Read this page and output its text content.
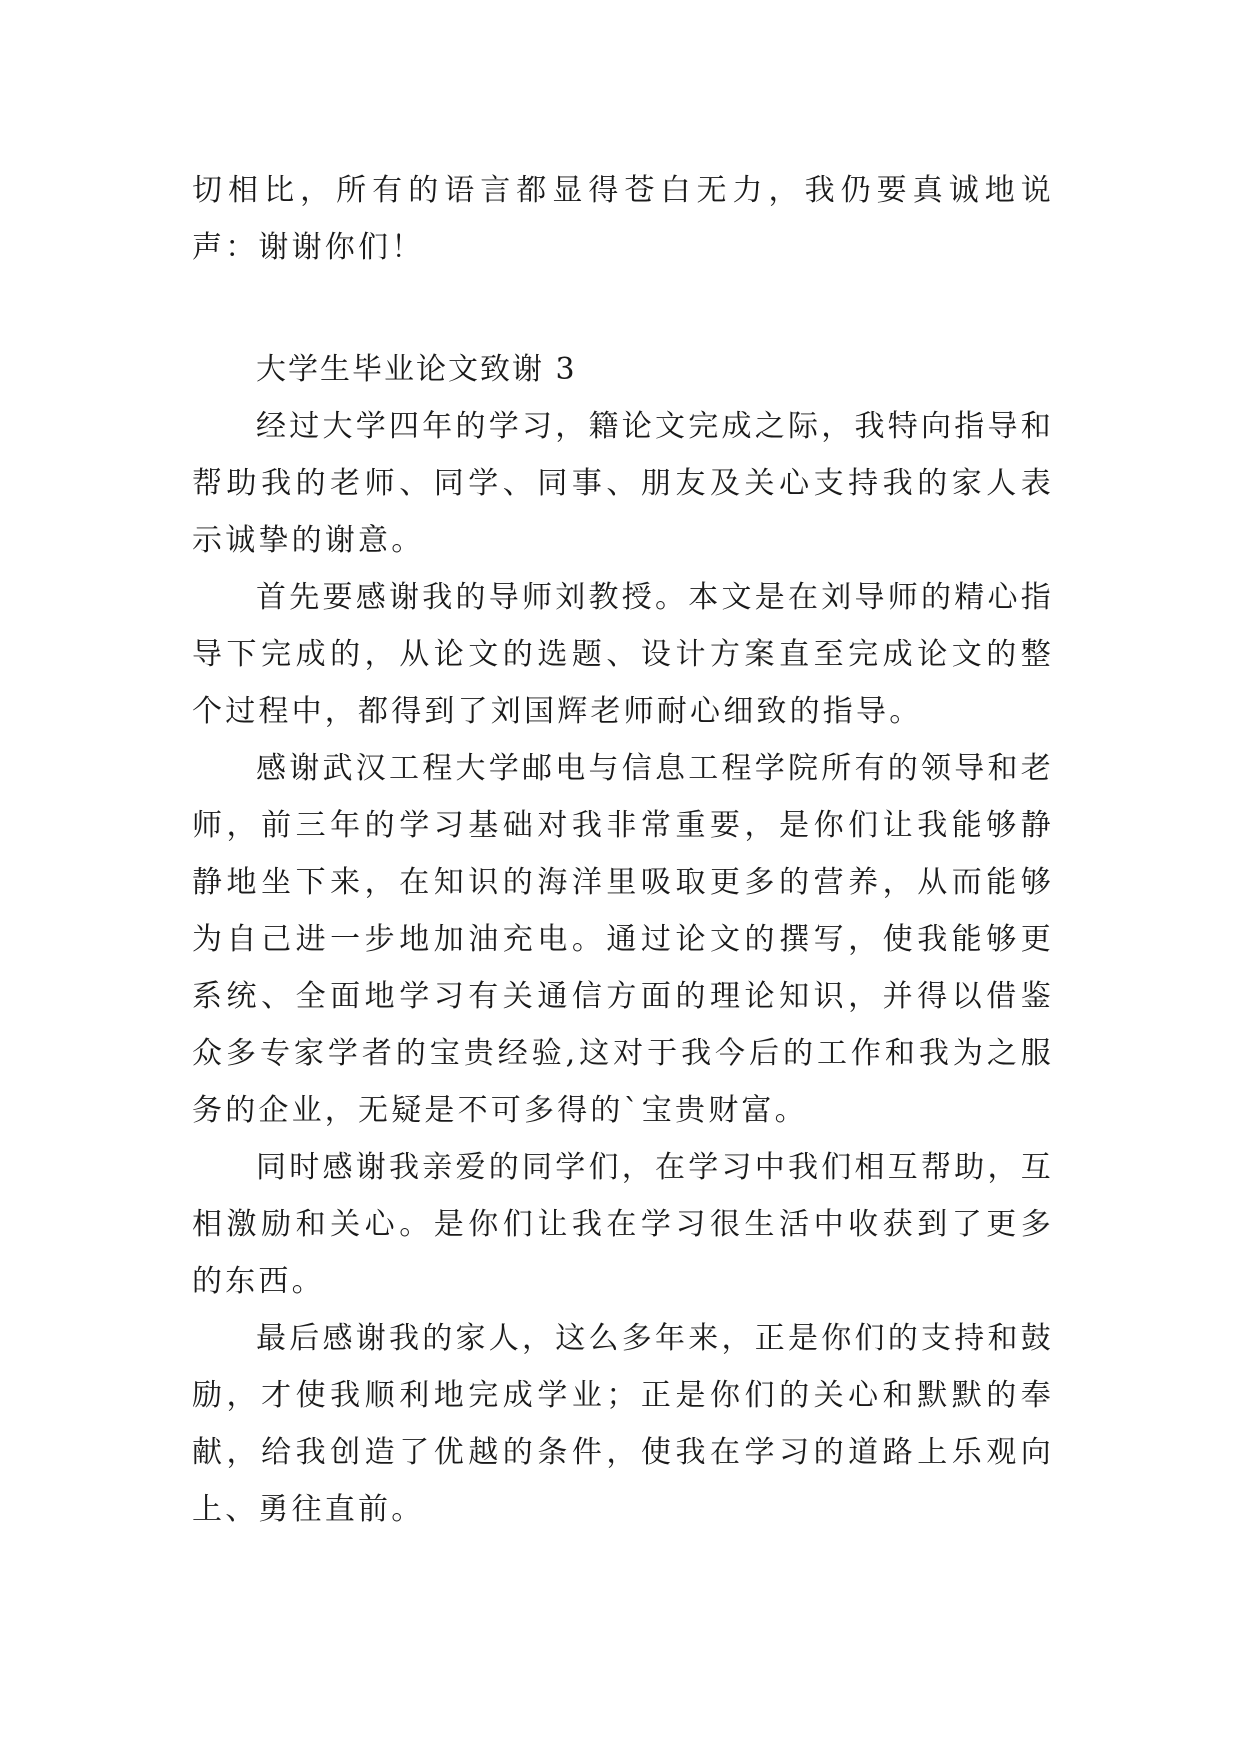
切相比，所有的语言都显得苍白无力，我仍要真诚地说声：谢谢你们！

大学生毕业论文致谢 3

经过大学四年的学习，籍论文完成之际，我特向指导和帮助我的老师、同学、同事、朋友及关心支持我的家人表示诚挚的谢意。

首先要感谢我的导师刘教授。本文是在刘导师的精心指导下完成的，从论文的选题、设计方案直至完成论文的整个过程中，都得到了刘国辉老师耐心细致的指导。

感谢武汉工程大学邮电与信息工程学院所有的领导和老师，前三年的学习基础对我非常重要，是你们让我能够静静地坐下来，在知识的海洋里吸取更多的营养，从而能够为自己进一步地加油充电。通过论文的撰写，使我能够更系统、全面地学习有关通信方面的理论知识，并得以借鉴众多专家学者的宝贵经验,这对于我今后的工作和我为之服务的企业，无疑是不可多得的`宝贵财富。

同时感谢我亲爱的同学们，在学习中我们相互帮助，互相激励和关心。是你们让我在学习很生活中收获到了更多的东西。

最后感谢我的家人，这么多年来，正是你们的支持和鼓励，才使我顺利地完成学业；正是你们的关心和默默的奉献，给我创造了优越的条件，使我在学习的道路上乐观向上、勇往直前。
